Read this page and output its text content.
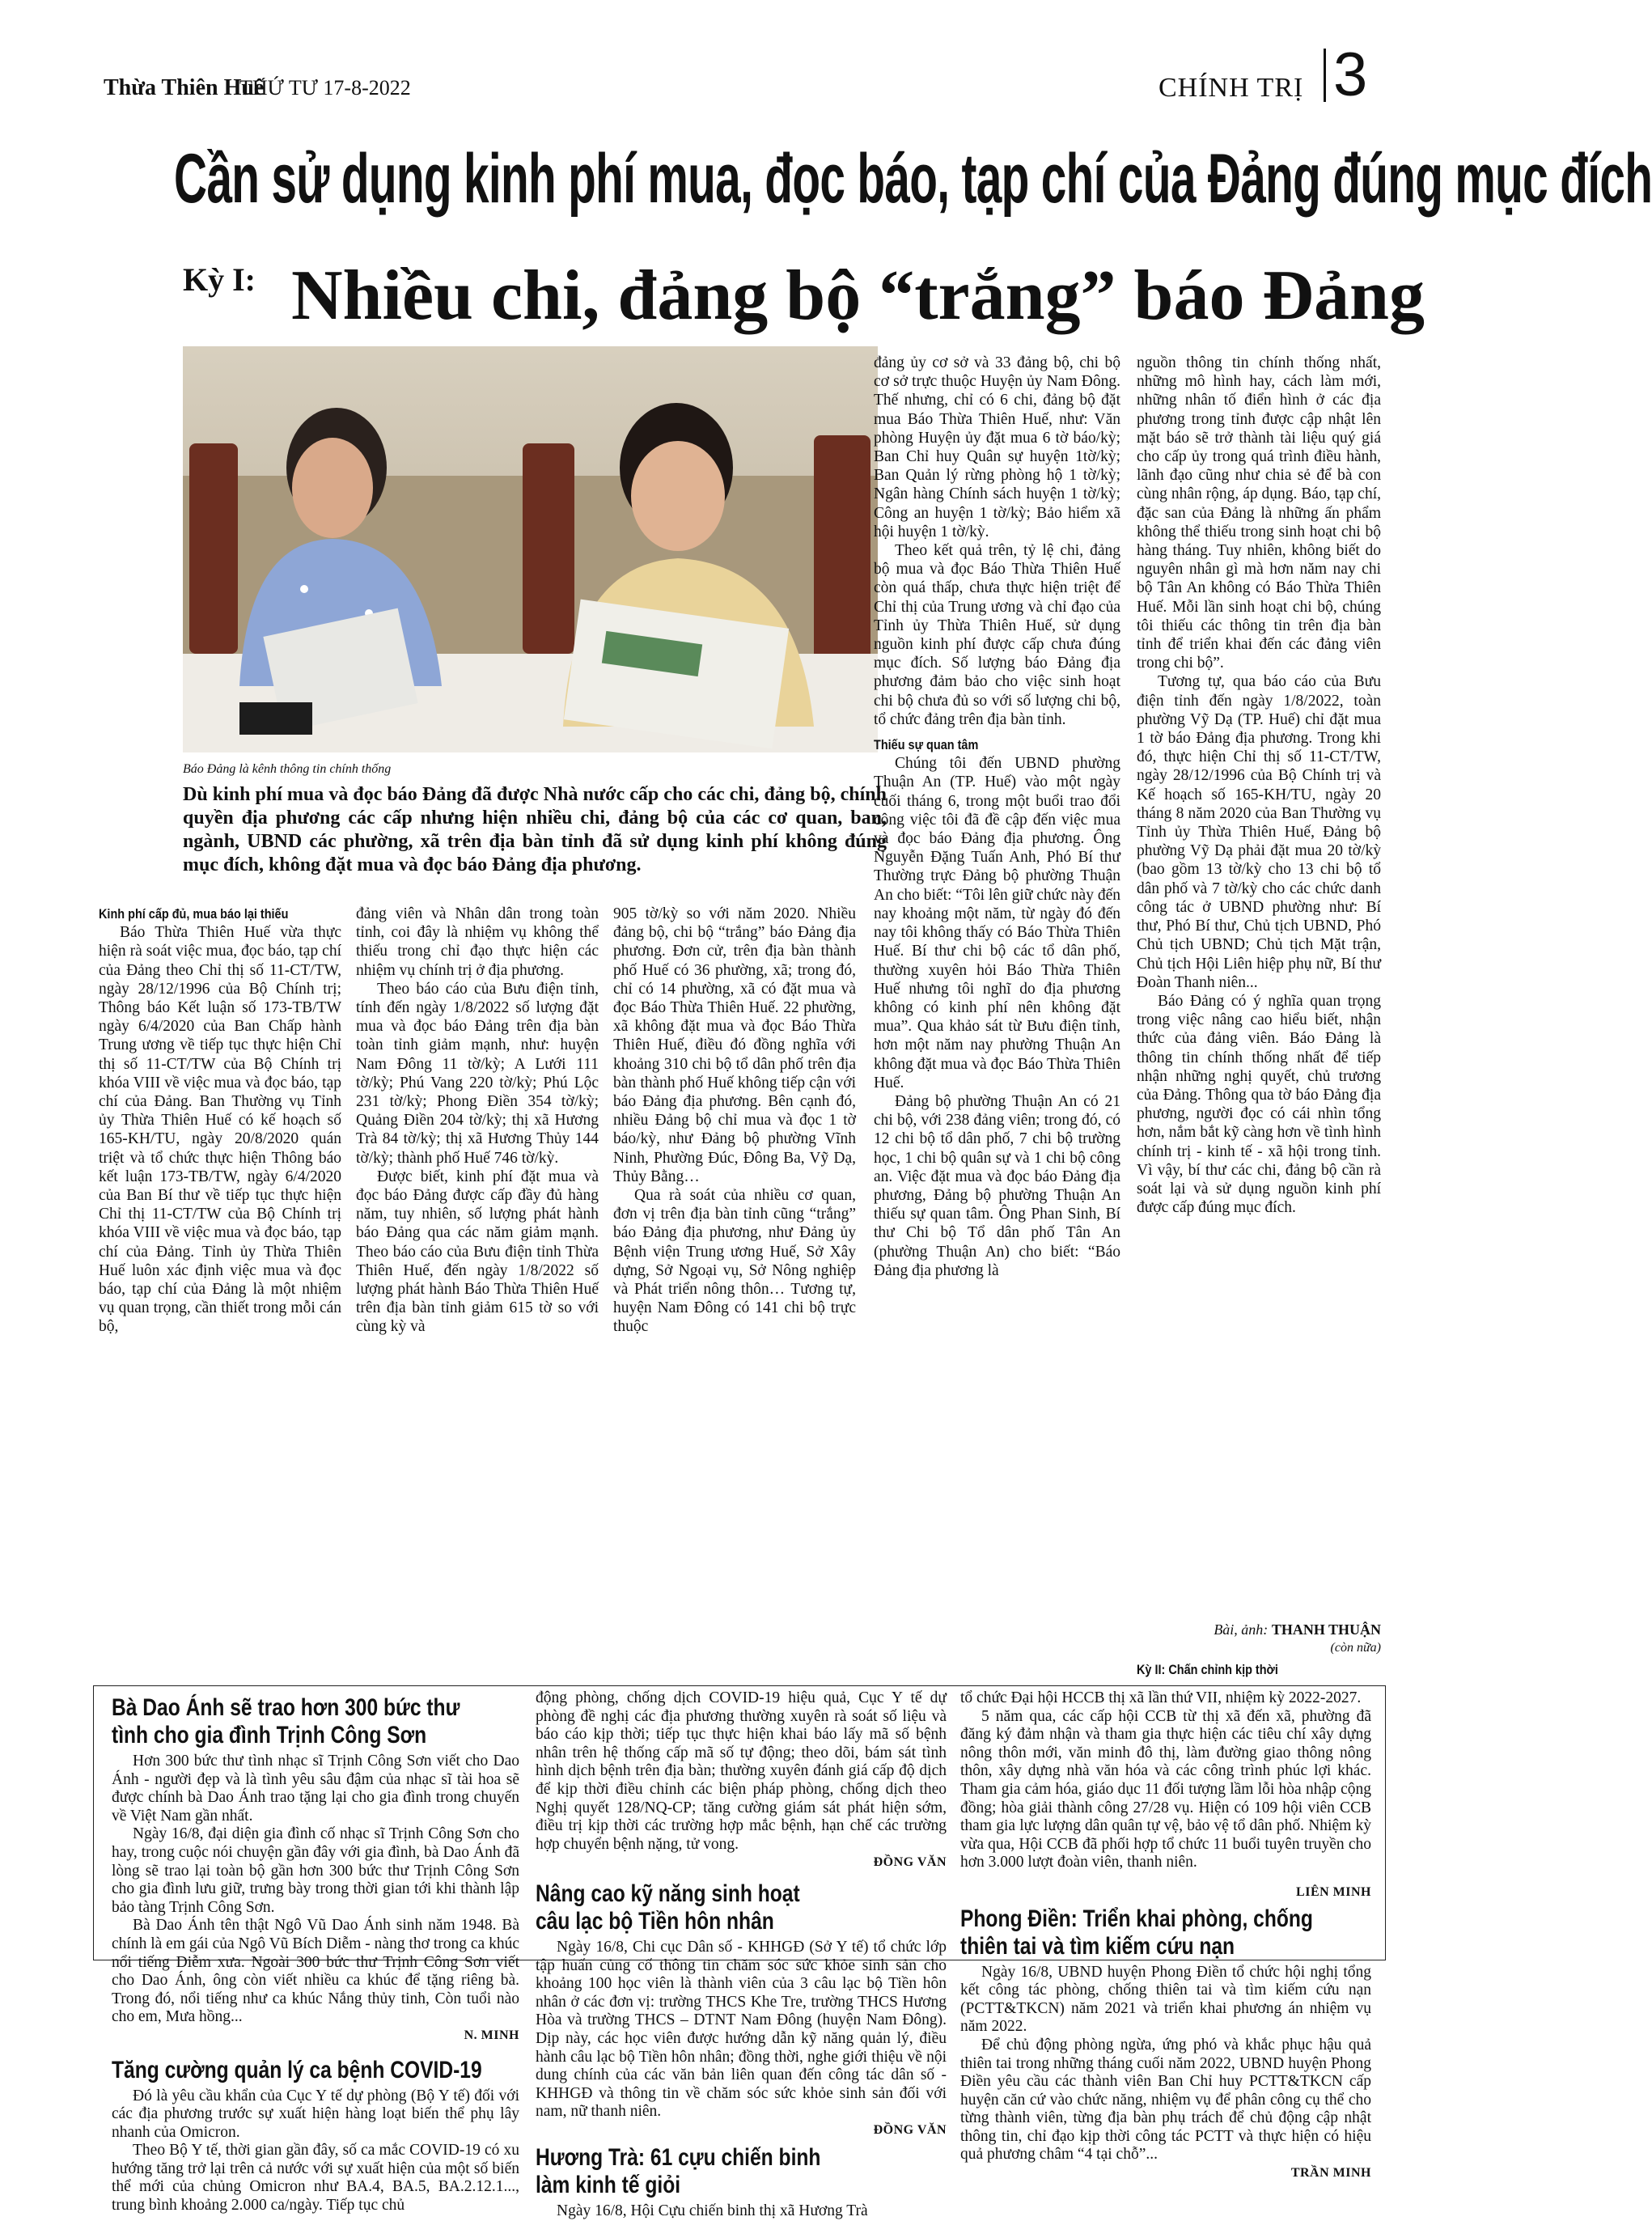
Thừa Thiên Huế
THỨ TƯ 17-8-2022	CHÍNH TRỊ 3
Cần sử dụng kinh phí mua, đọc báo, tạp chí của Đảng đúng mục đích
Kỳ I: Nhiều chi, đảng bộ “trắng” báo Đảng
Báo Đảng là kênh thông tin chính thống
Dù kinh phí mua và đọc báo Đảng đã được Nhà nước cấp cho các chi, đảng bộ, chính quyền địa phương các cấp nhưng hiện nhiều chi, đảng bộ của các cơ quan, ban, ngành, UBND các phường, xã trên địa bàn tỉnh đã sử dụng kinh phí không đúng mục đích, không đặt mua và đọc báo Đảng địa phương.

Kinh phí cấp đủ, mua báo lại thiếu

Báo Thừa Thiên Huế vừa thực hiện rà soát việc mua, đọc báo, tạp chí của Đảng theo Chỉ thị số 11-CT/TW, ngày 28/12/1996 của Bộ Chính trị; Thông báo Kết luận số 173-TB/TW ngày 6/4/2020 của Ban Chấp hành Trung ương về tiếp tục thực hiện Chỉ thị số 11-CT/TW của Bộ Chính trị khóa VIII về việc mua và đọc báo, tạp chí của Đảng. Ban Thường vụ Tỉnh ủy Thừa Thiên Huế có kế hoạch số 165-KH/TU, ngày 20/8/2020 quán triệt và tổ chức thực hiện Thông báo kết luận 173-TB/TW, ngày 6/4/2020 của Ban Bí thư về tiếp tục thực hiện Chỉ thị 11-CT/TW của Bộ Chính trị khóa VIII về việc mua và đọc báo, tạp chí của Đảng. Tỉnh ủy Thừa Thiên Huế luôn xác định việc mua và đọc báo, tạp chí của Đảng là một nhiệm vụ quan trọng, cần thiết trong mỗi cán bộ,

đảng viên và Nhân dân trong toàn tỉnh, coi đây là nhiệm vụ không thể thiếu trong chỉ đạo thực hiện các nhiệm vụ chính trị ở địa phương.

Theo báo cáo của Bưu điện tỉnh, tính đến ngày 1/8/2022 số lượng đặt mua và đọc báo Đảng trên địa bàn toàn tỉnh giảm mạnh, như: huyện Nam Đông 11 tờ/kỳ; A Lưới 111 tờ/kỳ; Phú Vang 220 tờ/kỳ; Phú Lộc 231 tờ/kỳ; Phong Điền 354 tờ/kỳ; Quảng Điền 204 tờ/kỳ; thị xã Hương Trà 84 tờ/kỳ; thị xã Hương Thủy 144 tờ/kỳ; thành phố Huế 746 tờ/kỳ.

Được biết, kinh phí đặt mua và đọc báo Đảng được cấp đầy đủ hàng năm, tuy nhiên, số lượng phát hành báo Đảng qua các năm giảm mạnh. Theo báo cáo của Bưu điện tỉnh Thừa Thiên Huế, đến ngày 1/8/2022 số lượng phát hành Báo Thừa Thiên Huế trên địa bàn tỉnh giảm 615 tờ so với cùng kỳ và

905 tờ/kỳ so với năm 2020. Nhiều đảng bộ, chi bộ “trắng” báo Đảng địa phương. Đơn cử, trên địa bàn thành phố Huế có 36 phường, xã; trong đó, chỉ có 14 phường, xã có đặt mua và đọc Báo Thừa Thiên Huế. 22 phường, xã không đặt mua và đọc Báo Thừa Thiên Huế, điều đó đồng nghĩa với khoảng 310 chi bộ tổ dân phố trên địa bàn thành phố Huế không tiếp cận với báo Đảng địa phương. Bên cạnh đó, nhiều Đảng bộ chỉ mua và đọc 1 tờ báo/kỳ, như Đảng bộ phường Vĩnh Ninh, Phường Đúc, Đông Ba, Vỹ Dạ, Thủy Bằng…

Qua rà soát của nhiều cơ quan, đơn vị trên địa bàn tỉnh cũng “trắng” báo Đảng địa phương, như Đảng ủy Bệnh viện Trung ương Huế, Sở Xây dựng, Sở Ngoại vụ, Sở Nông nghiệp và Phát triển nông thôn… Tương tự, huyện Nam Đông có 141 chi bộ trực thuộc

đảng ủy cơ sở và 33 đảng bộ, chi bộ cơ sở trực thuộc Huyện ủy Nam Đông. Thế nhưng, chỉ có 6 chi, đảng bộ đặt mua Báo Thừa Thiên Huế, như: Văn phòng Huyện ủy đặt mua 6 tờ báo/kỳ; Ban Chỉ huy Quân sự huyện 1tờ/kỳ; Ban Quản lý rừng phòng hộ 1 tờ/kỳ; Ngân hàng Chính sách huyện 1 tờ/kỳ; Công an huyện 1 tờ/kỳ; Bảo hiểm xã hội huyện 1 tờ/kỳ.

Theo kết quả trên, tỷ lệ chi, đảng bộ mua và đọc Báo Thừa Thiên Huế còn quá thấp, chưa thực hiện triệt để Chỉ thị của Trung ương và chỉ đạo của Tỉnh ủy Thừa Thiên Huế, sử dụng nguồn kinh phí được cấp chưa đúng mục đích. Số lượng báo Đảng địa phương đảm bảo cho việc sinh hoạt chi bộ chưa đủ so với số lượng chi bộ, tổ chức đảng trên địa bàn tỉnh.

Thiếu sự quan tâm

Chúng tôi đến UBND phường Thuận An (TP. Huế) vào một ngày cuối tháng 6, trong một buổi trao đổi công việc tôi đã đề cập đến việc mua và đọc báo Đảng địa phương. Ông Nguyễn Đặng Tuấn Anh, Phó Bí thư Thường trực Đảng bộ phường Thuận An cho biết: “Tôi lên giữ chức này đến nay khoảng một năm, từ ngày đó đến nay tôi không thấy có Báo Thừa Thiên Huế. Bí thư chi bộ các tổ dân phố, thường xuyên hỏi Báo Thừa Thiên Huế nhưng tôi nghĩ do địa phương không có kinh phí nên không đặt mua”. Qua khảo sát từ Bưu điện tỉnh, hơn một năm nay phường Thuận An không đặt mua và đọc Báo Thừa Thiên Huế.

Đảng bộ phường Thuận An có 21 chi bộ, với 238 đảng viên; trong đó, có 12 chi bộ tổ dân phố, 7 chi bộ trường học, 1 chi bộ quân sự và 1 chi bộ công an. Việc đặt mua và đọc báo Đảng địa phương, Đảng bộ phường Thuận An thiếu sự quan tâm. Ông Phan Sinh, Bí thư Chi bộ Tổ dân phố Tân An (phường Thuận An) cho biết: “Báo Đảng địa phương là

nguồn thông tin chính thống nhất, những mô hình hay, cách làm mới, những nhân tố điển hình ở các địa phương trong tỉnh được cập nhật lên mặt báo sẽ trở thành tài liệu quý giá cho cấp ủy trong quá trình điều hành, lãnh đạo cũng như chia sẻ để bà con cùng nhân rộng, áp dụng. Báo, tạp chí, đặc san của Đảng là những ấn phẩm không thể thiếu trong sinh hoạt chi bộ hàng tháng. Tuy nhiên, không biết do nguyên nhân gì mà hơn năm nay chi bộ Tân An không có Báo Thừa Thiên Huế. Mỗi lần sinh hoạt chi bộ, chúng tôi thiếu các thông tin trên địa bàn tỉnh để triển khai đến các đảng viên trong chi bộ”.

Tương tự, qua báo cáo của Bưu điện tỉnh đến ngày 1/8/2022, toàn phường Vỹ Dạ (TP. Huế) chỉ đặt mua 1 tờ báo Đảng địa phương. Trong khi đó, thực hiện Chỉ thị số 11-CT/TW, ngày 28/12/1996 của Bộ Chính trị và Kế hoạch số 165-KH/TU, ngày 20 tháng 8 năm 2020 của Ban Thường vụ Tỉnh ủy Thừa Thiên Huế, Đảng bộ phường Vỹ Dạ phải đặt mua 20 tờ/kỳ (bao gồm 13 tờ/kỳ cho 13 chi bộ tổ dân phố và 7 tờ/kỳ cho các chức danh công tác ở UBND phường như: Bí thư, Phó Bí thư, Chủ tịch UBND, Phó Chủ tịch UBND; Chủ tịch Mặt trận, Chủ tịch Hội Liên hiệp phụ nữ, Bí thư Đoàn Thanh niên...

Báo Đảng có ý nghĩa quan trọng trong việc nâng cao hiểu biết, nhận thức của đảng viên. Báo Đảng là thông tin chính thống nhất để tiếp nhận những nghị quyết, chủ trương của Đảng. Thông qua tờ báo Đảng địa phương, người đọc có cái nhìn tổng hơn, nắm bắt kỹ càng hơn về tình hình chính trị - kinh tế - xã hội trong tỉnh. Vì vậy, bí thư các chi, đảng bộ cần rà soát lại và sử dụng nguồn kinh phí được cấp đúng mục đích.

Bài, ảnh: THANH THUẬN
(còn nữa)
Kỳ II: Chấn chỉnh kịp thời
Bà Dao Ánh sẽ trao hơn 300 bức thư
tình cho gia đình Trịnh Công Sơn

Hơn 300 bức thư tình nhạc sĩ Trịnh Công Sơn viết cho Dao Ánh - người đẹp và là tình yêu sâu đậm của nhạc sĩ tài hoa sẽ được chính bà Dao Ánh trao tặng lại cho gia đình trong chuyến về Việt Nam gần nhất.

Ngày 16/8, đại diện gia đình cố nhạc sĩ Trịnh Công Sơn cho hay, trong cuộc nói chuyện gần đây với gia đình, bà Dao Ánh đã lòng sẽ trao lại toàn bộ gần hơn 300 bức thư Trịnh Công Sơn cho gia đình lưu giữ, trưng bày trong thời gian tới khi thành lập bảo tàng Trịnh Công Sơn.

Bà Dao Ánh tên thật Ngô Vũ Dao Ánh sinh năm 1948. Bà chính là em gái của Ngô Vũ Bích Diễm - nàng thơ trong ca khúc nổi tiếng Diễm xưa. Ngoài 300 bức thư Trịnh Công Sơn viết cho Dao Ánh, ông còn viết nhiều ca khúc để tặng riêng bà. Trong đó, nổi tiếng như ca khúc Nắng thủy tinh, Còn tuổi nào cho em, Mưa hồng...

N. MINH
Tăng cường quản lý ca bệnh COVID-19

Đó là yêu cầu khẩn của Cục Y tế dự phòng (Bộ Y tế) đối với các địa phương trước sự xuất hiện hàng loạt biến thể phụ lây nhanh của Omicron.

Theo Bộ Y tế, thời gian gần đây, số ca mắc COVID-19 có xu hướng tăng trở lại trên cả nước với sự xuất hiện của một số biến thể mới của chủng Omicron như BA.4, BA.5, BA.2.12.1..., trung bình khoảng 2.000 ca/ngày. Tiếp tục chủ

động phòng, chống dịch COVID-19 hiệu quả, Cục Y tế dự phòng đề nghị các địa phương thường xuyên rà soát số liệu và báo cáo kịp thời; tiếp tục thực hiện khai báo lấy mã số bệnh nhân trên hệ thống cấp mã số tự động; theo dõi, bám sát tình hình dịch bệnh trên địa bàn; thường xuyên đánh giá cấp độ dịch để kịp thời điều chỉnh các biện pháp phòng, chống dịch theo Nghị quyết 128/NQ-CP; tăng cường giám sát phát hiện sớm, điều trị kịp thời các trường hợp mắc bệnh, hạn chế các trường hợp chuyển bệnh nặng, tử vong.

ĐỒNG VĂN
Nâng cao kỹ năng sinh hoạt
câu lạc bộ Tiền hôn nhân

Ngày 16/8, Chi cục Dân số - KHHGĐ (Sở Y tế) tổ chức lớp tập huấn củng cố thông tin chăm sóc sức khỏe sinh sản cho khoảng 100 học viên là thành viên của 3 câu lạc bộ Tiền hôn nhân ở các đơn vị: trường THCS Khe Tre, trường THCS Hương Hòa và trường THCS – DTNT Nam Đông (huyện Nam Đông). Dịp này, các học viên được hướng dẫn kỹ năng quản lý, điều hành câu lạc bộ Tiền hôn nhân; đồng thời, nghe giới thiệu về nội dung chính của các văn bản liên quan đến công tác dân số - KHHGĐ và thông tin về chăm sóc sức khỏe sinh sản đối với nam, nữ thanh niên.

ĐỒNG VĂN
Hương Trà: 61 cựu chiến binh
làm kinh tế giỏi

Ngày 16/8, Hội Cựu chiến binh thị xã Hương Trà

tổ chức Đại hội HCCB thị xã lần thứ VII, nhiệm kỳ 2022-2027.

5 năm qua, các cấp hội CCB từ thị xã đến xã, phường đã đăng ký đảm nhận và tham gia thực hiện các tiêu chí xây dựng nông thôn mới, văn minh đô thị, làm đường giao thông nông thôn, xây dựng nhà văn hóa và các công trình phúc lợi khác. Tham gia cảm hóa, giáo dục 11 đối tượng lầm lỗi hòa nhập cộng đồng; hòa giải thành công 27/28 vụ. Hiện có 109 hội viên CCB tham gia lực lượng dân quân tự vệ, bảo vệ tổ dân phố. Nhiệm kỳ vừa qua, Hội CCB đã phối hợp tổ chức 11 buổi tuyên truyền cho hơn 3.000 lượt đoàn viên, thanh niên.

LIÊN MINH
Phong Điền: Triển khai phòng, chống
thiên tai và tìm kiếm cứu nạn

Ngày 16/8, UBND huyện Phong Điền tổ chức hội nghị tổng kết công tác phòng, chống thiên tai và tìm kiếm cứu nạn (PCTT&TKCN) năm 2021 và triển khai phương án nhiệm vụ năm 2022.

Để chủ động phòng ngừa, ứng phó và khắc phục hậu quả thiên tai trong những tháng cuối năm 2022, UBND huyện Phong Điền yêu cầu các thành viên Ban Chỉ huy PCTT&TKCN cấp huyện căn cứ vào chức năng, nhiệm vụ để phân công cụ thể cho từng thành viên, từng địa bàn phụ trách để chủ động cập nhật thông tin, chỉ đạo kịp thời công tác PCTT và thực hiện có hiệu quả phương châm “4 tại chỗ”...

TRẦN MINH
